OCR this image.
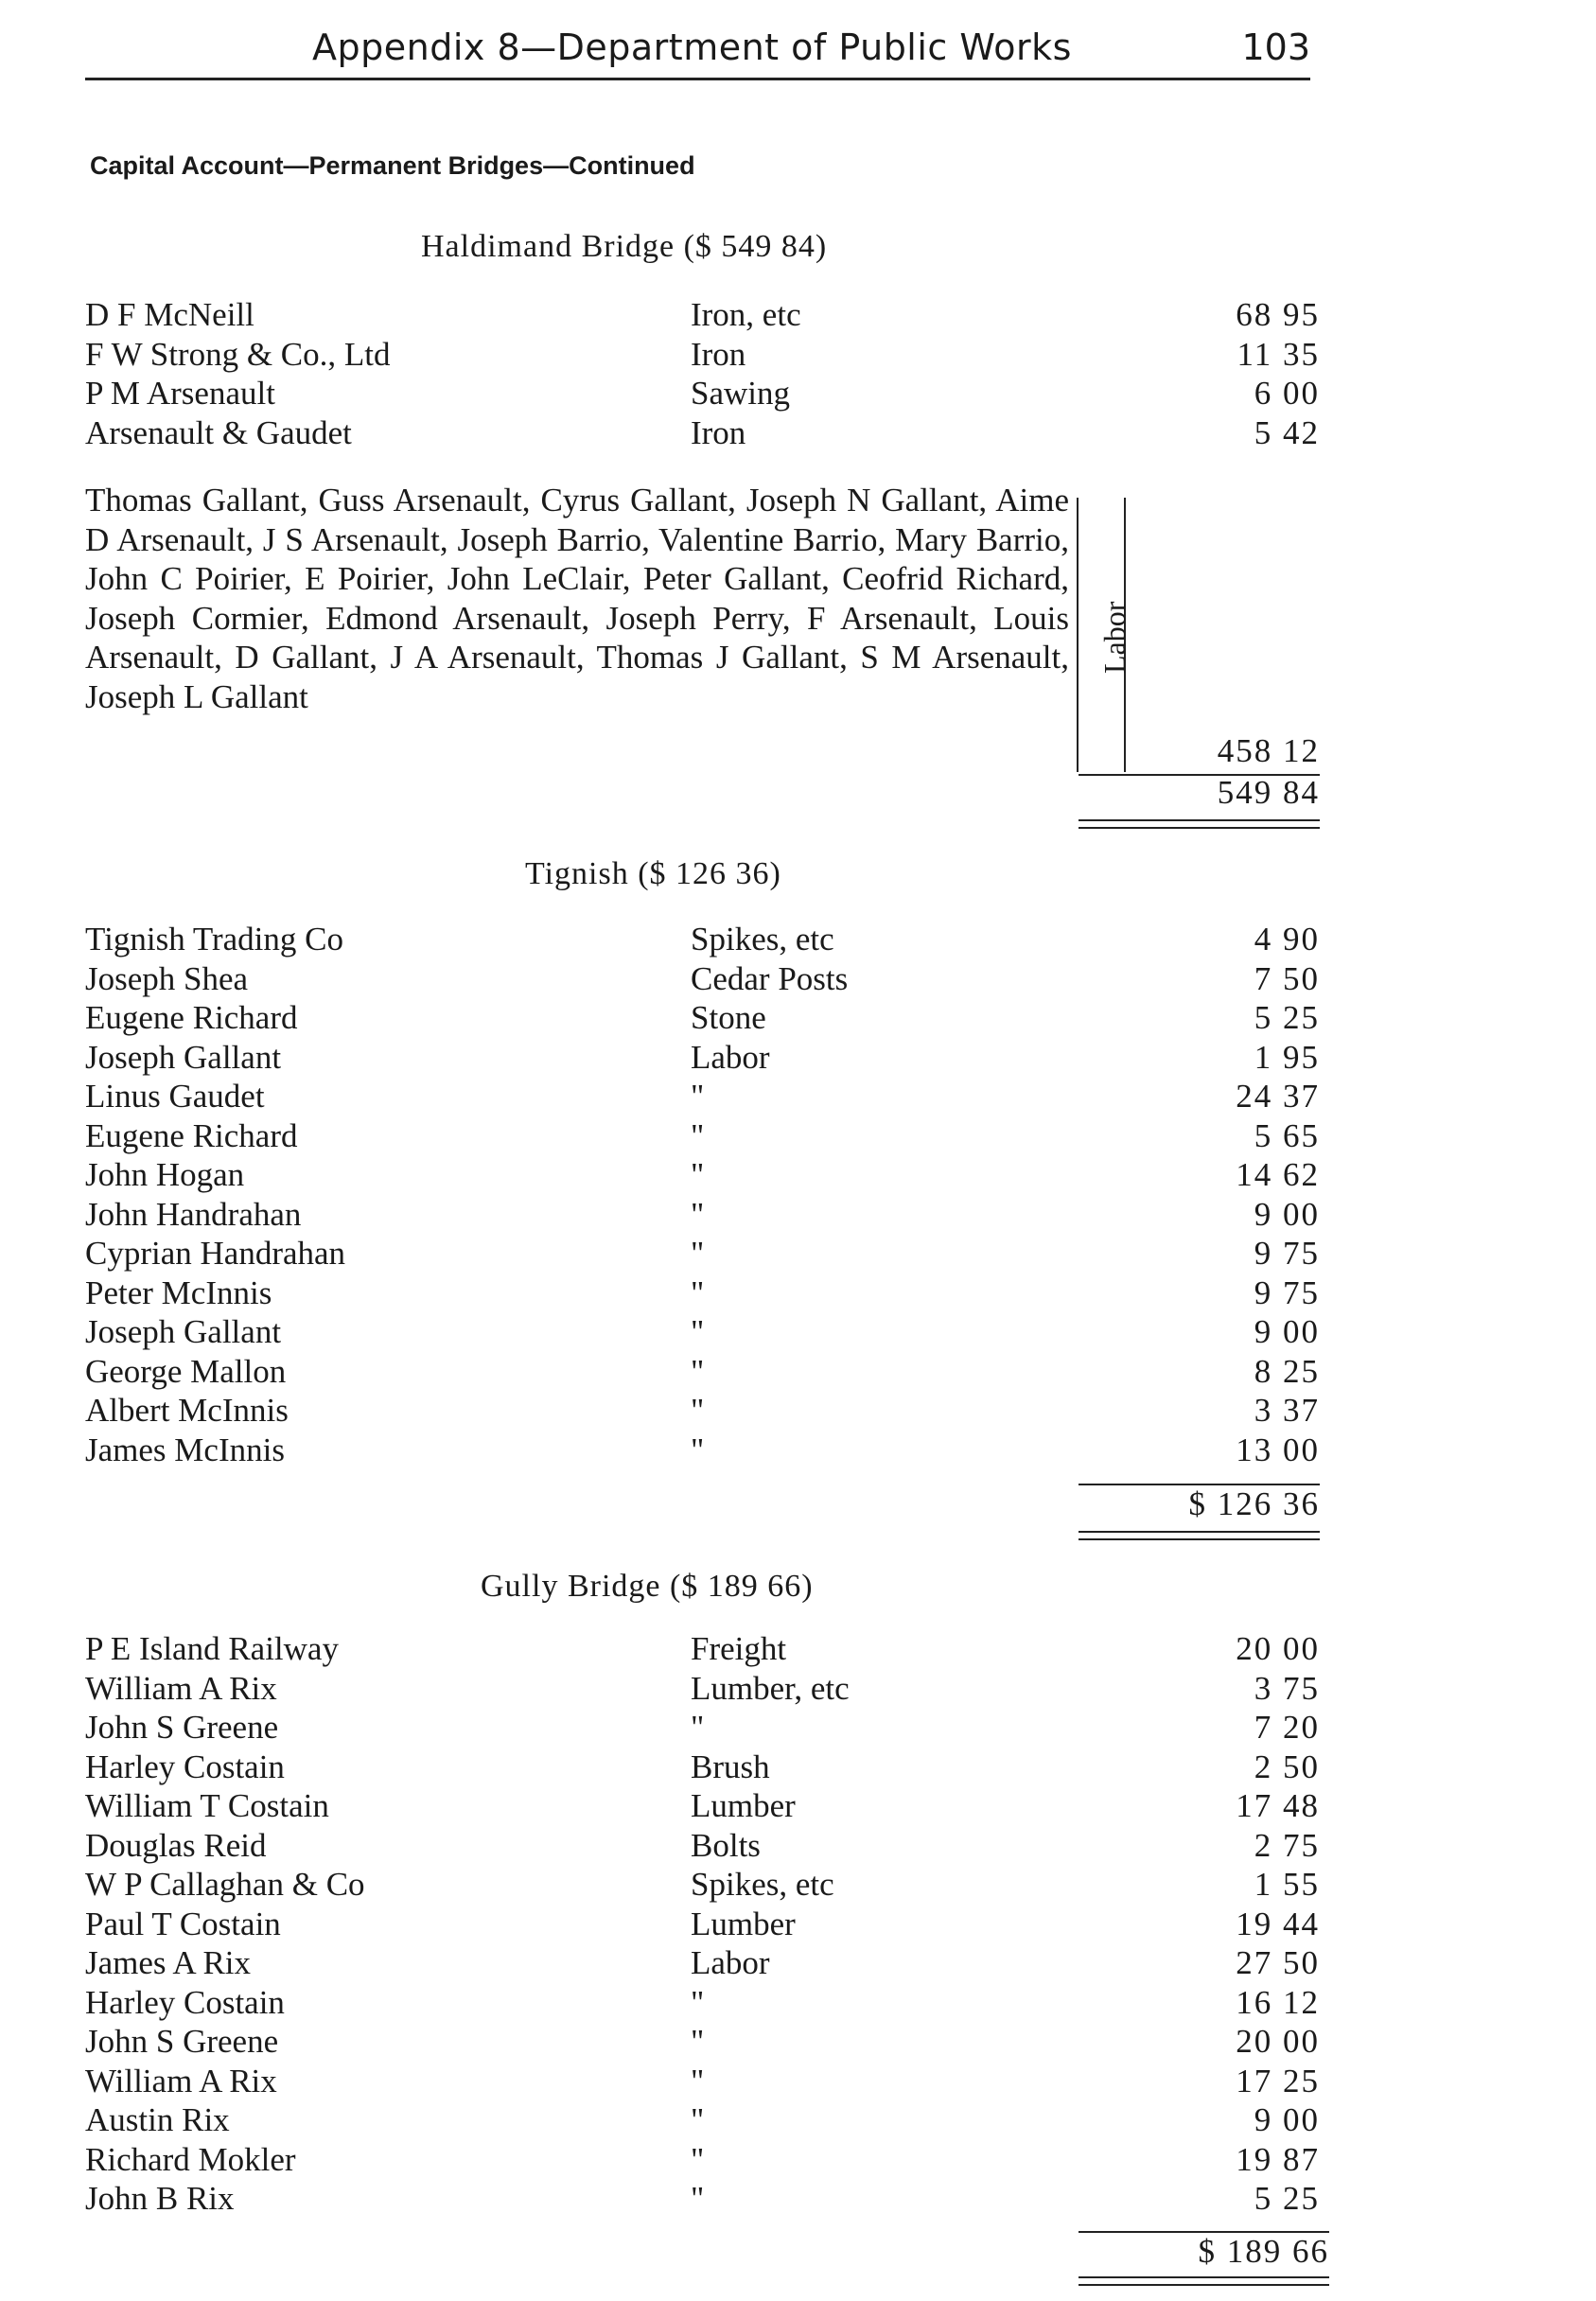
Appendix 8—Department of Public Works	103
Capital Account—Permanent Bridges—Continued
Haldimand Bridge ($ 549 84)
D F McNeill	Iron, etc	68 95
F W Strong & Co., Ltd	Iron	11 35
P M Arsenault	Sawing	6 00
Arsenault & Gaudet	Iron	5 42
Thomas Gallant, Guss Arsenault, Cyrus Gallant, Joseph N Gallant, Aime D Arsenault, J S Arsenault, Joseph Barrio, Valentine Barrio, Mary Barrio, John C Poirier, E Poirier, John LeClair, Peter Gallant, Ceofrid Richard, Joseph Cormier, Edmond Arsenault, Joseph Perry, F Arsenault, Louis Arsenault, D Gallant, J A Arsenault, Thomas J Gallant, S M Arsenault, Joseph L Gallant
458 12
Labor
549 84
Tignish ($ 126 36)
Tignish Trading Co	Spikes, etc	4 90
Joseph Shea	Cedar Posts	7 50
Eugene Richard	Stone	5 25
Joseph Gallant	Labor	1 95
Linus Gaudet	"	24 37
Eugene Richard	"	5 65
John Hogan	"	14 62
John Handrahan	"	9 00
Cyprian Handrahan	"	9 75
Peter McInnis	"	9 75
Joseph Gallant	"	9 00
George Mallon	"	8 25
Albert McInnis	"	3 37
James McInnis	"	13 00
$ 126 36
Gully Bridge ($ 189 66)
P E Island Railway	Freight	20 00
William A Rix	Lumber, etc	3 75
John S Greene	"	7 20
Harley Costain	Brush	2 50
William T Costain	Lumber	17 48
Douglas Reid	Bolts	2 75
W P Callaghan & Co	Spikes, etc	1 55
Paul T Costain	Lumber	19 44
James A Rix	Labor	27 50
Harley Costain	"	16 12
John S Greene	"	20 00
William A Rix	"	17 25
Austin Rix	"	9 00
Richard Mokler	"	19 87
John B Rix	"	5 25
$ 189 66
